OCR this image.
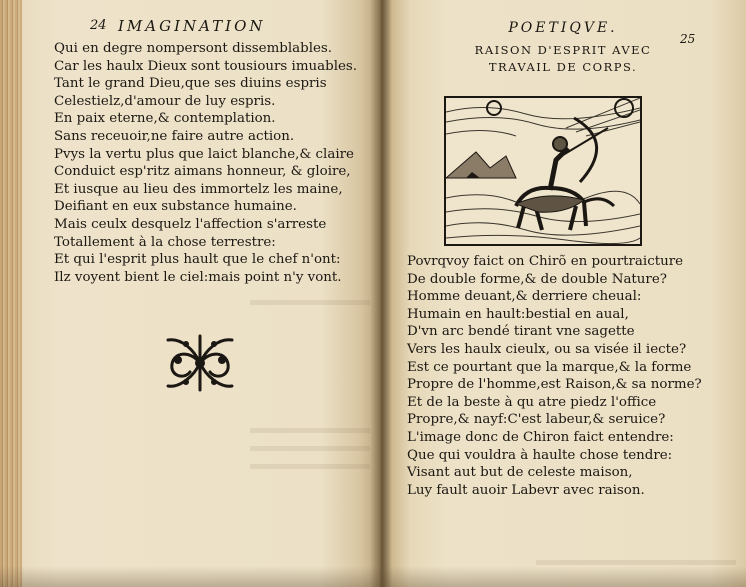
24 IMAGINATION
Qui en degre nompersont dissemblables.
Car les haulx Dieux sont tousiours imuables.
Tant le grand Dieu,que ses diuins espris
Celestielz,d'amour de luy espris.
En paix eterne,& contemplation.
Sans receuoir,ne faire autre action.
Pvys la vertu plus que laict blanche,& claire
Conduict esp'ritz aimans honneur, & gloire,
Et iusque au lieu des immortelz les maine,
Deifiant en eux substance humaine.
Mais ceulx desquelz l'affection s'arreste
Totallement à la chose terrestre:
Et qui l'esprit plus hault que le chef n'ont:
Ilz voyent bient le ciel:mais point n'y vont.
POETIQVE.
25
RAISON D'ESPRIT AVEC
TRAVAIL DE CORPS.
Povrqvoy faict on Chirõ en pourtraicture
De double forme,& de double Nature?
Homme deuant,& derriere cheual:
Humain en hault:bestial en aual,
D'vn arc bendé tirant vne sagette
Vers les haulx cieulx, ou sa visée il iecte?
Est ce pourtant que la marque,& la forme
Propre de l'homme,est Raison,& sa norme?
Et de la beste à qu atre piedz l'office
Propre,& nayf:C'est labeur,& seruice?
L'image donc de Chiron faict entendre:
Que qui vouldra à haulte chose tendre:
Visant aut but de celeste maison,
Luy fault auoir Labevr avec raison.
